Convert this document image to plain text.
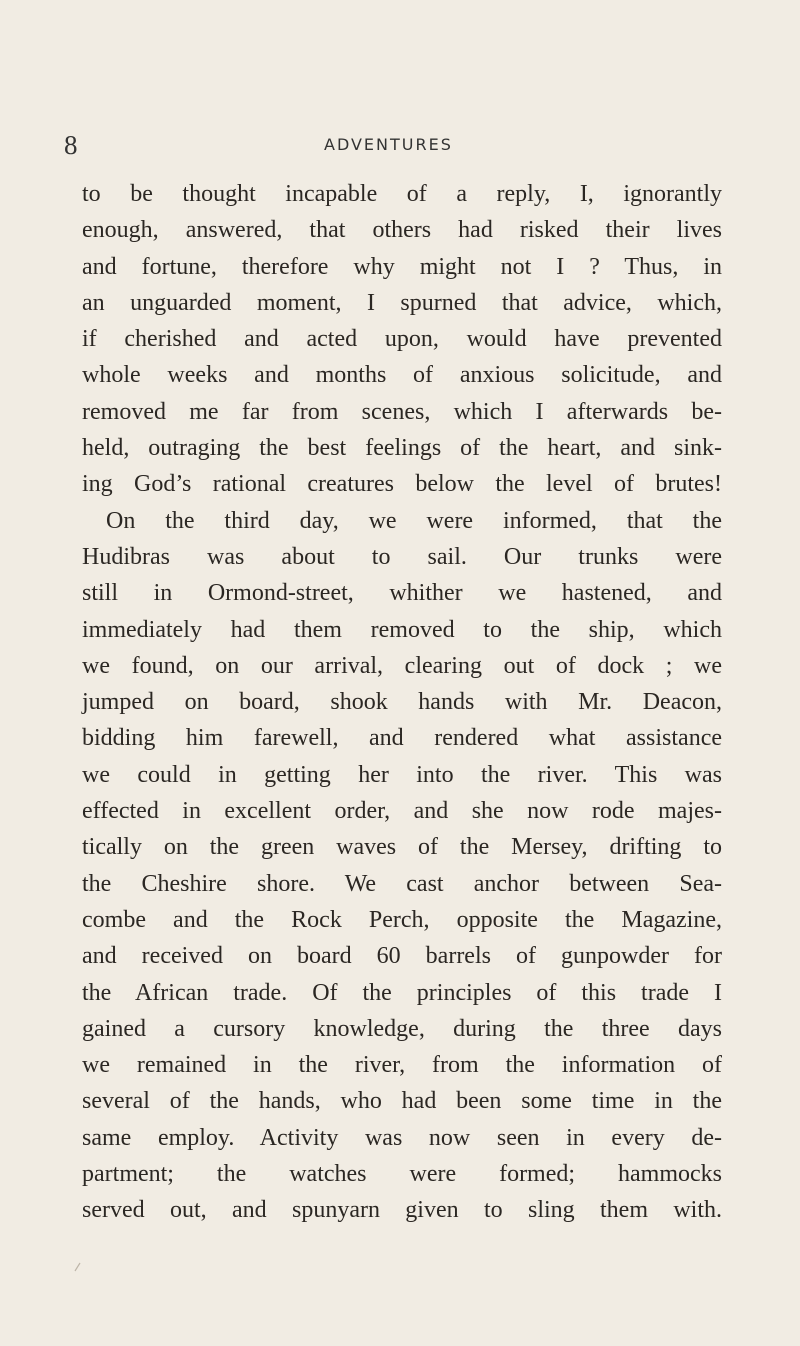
8	ADVENTURES
to be thought incapable of a reply, I, ignorantly
enough, answered, that others had risked their lives
and fortune, therefore why might not I ? Thus, in
an unguarded moment, I spurned that advice, which,
if cherished and acted upon, would have prevented
whole weeks and months of anxious solicitude, and
removed me far from scenes, which I afterwards be-
held, outraging the best feelings of the heart, and sink-
ing God’s rational creatures below the level of brutes!
On the third day, we were informed, that the
Hudibras was about to sail. Our trunks were
still in Ormond-street, whither we hastened, and
immediately had them removed to the ship, which
we found, on our arrival, clearing out of dock ; we
jumped on board, shook hands with Mr. Deacon,
bidding him farewell, and rendered what assistance
we could in getting her into the river. This was
effected in excellent order, and she now rode majes-
tically on the green waves of the Mersey, drifting to
the Cheshire shore. We cast anchor between Sea-
combe and the Rock Perch, opposite the Magazine,
and received on board 60 barrels of gunpowder for
the African trade. Of the principles of this trade I
gained a cursory knowledge, during the three days
we remained in the river, from the information of
several of the hands, who had been some time in the
same employ. Activity was now seen in every de-
partment; the watches were formed; hammocks
served out, and spunyarn given to sling them with.
